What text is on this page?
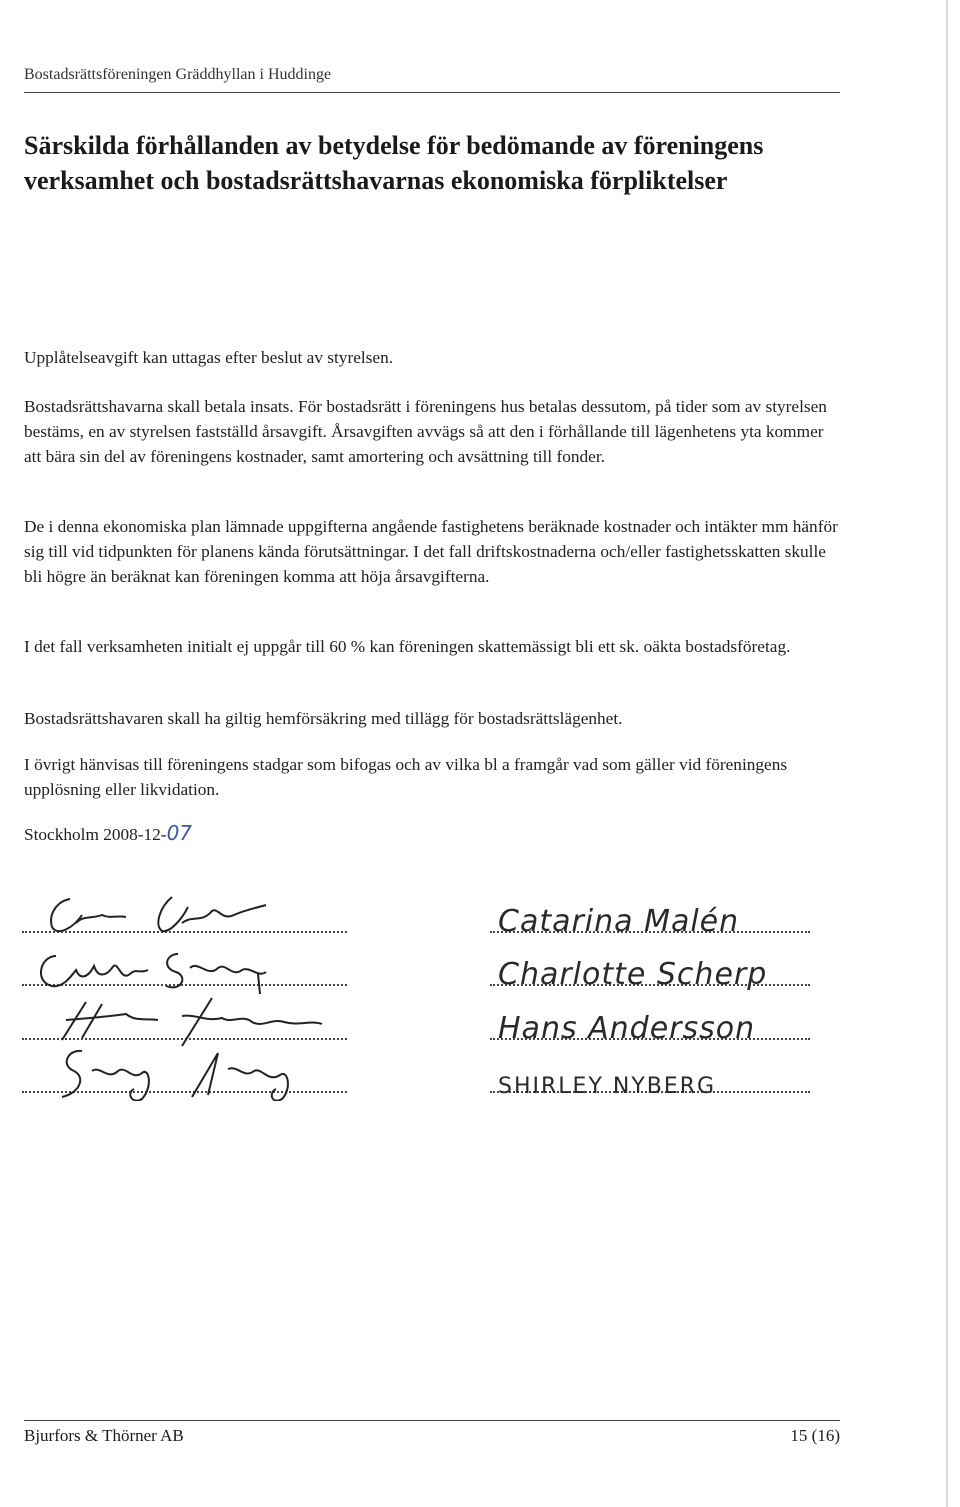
Bostadsrättsföreningen Gräddhyllan i Huddinge
Särskilda förhållanden av betydelse för bedömande av föreningens verksamhet och bostadsrättshavarnas ekonomiska förpliktelser

Upplåtelseavgift kan uttagas efter beslut av styrelsen.

Bostadsrättshavarna skall betala insats. För bostadsrätt i föreningens hus betalas dessutom, på tider som av styrelsen bestäms, en av styrelsen fastställd årsavgift. Årsavgiften avvägs så att den i förhållande till lägenhetens yta kommer att bära sin del av föreningens kostnader, samt amortering och avsättning till fonder.

De i denna ekonomiska plan lämnade uppgifterna angående fastighetens beräknade kostnader och intäkter mm hänför sig till vid tidpunkten för planens kända förutsättningar. I det fall driftskostnaderna och/eller fastighetsskatten skulle bli högre än beräknat kan föreningen komma att höja årsavgifterna.

I det fall verksamheten initialt ej uppgår till 60 % kan föreningen skattemässigt bli ett sk. oäkta bostadsföretag.

Bostadsrättshavaren skall ha giltig hemförsäkring med tillägg för bostadsrättslägenhet.

I övrigt hänvisas till föreningens stadgar som bifogas och av vilka bl a framgår vad som gäller vid föreningens upplösning eller likvidation.

Stockholm 2008-12-07
Catarina Malén
Charlotte Scherp
Hans Andersson
SHIRLEY NYBERG
Bjurfors & Thörner AB	15 (16)
